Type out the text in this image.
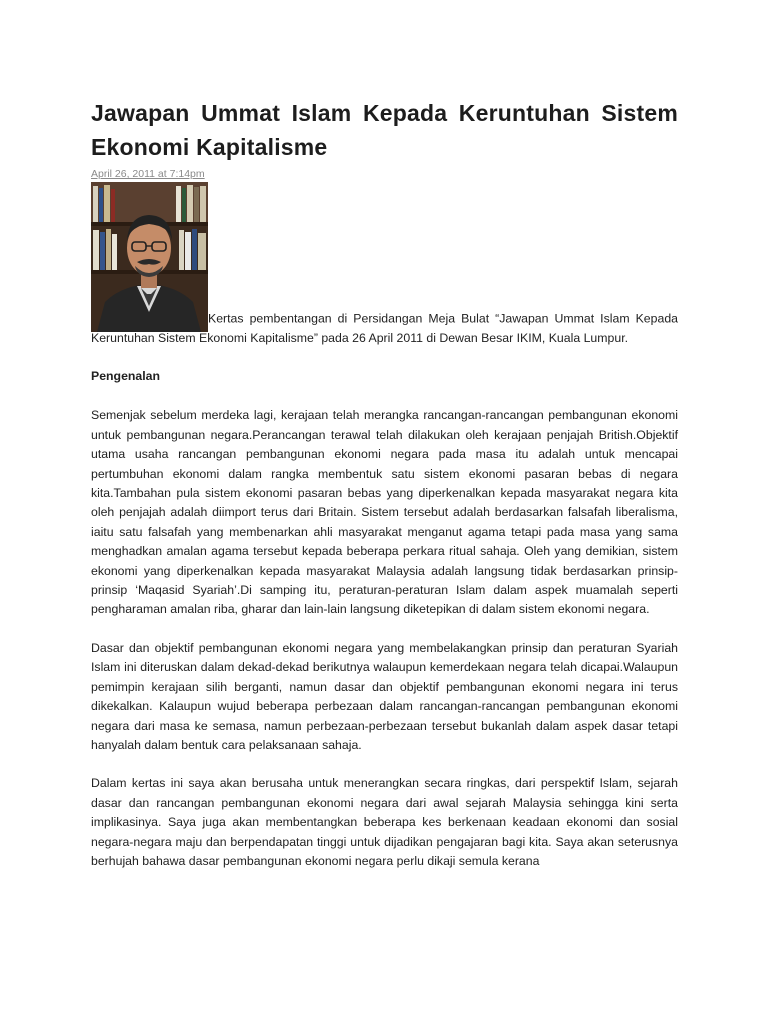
Jawapan Ummat Islam Kepada Keruntuhan Sistem Ekonomi Kapitalisme
April 26, 2011 at 7:14pm

Kertas pembentangan di Persidangan Meja Bulat “Jawapan Ummat Islam Kepada Keruntuhan Sistem Ekonomi Kapitalisme” pada 26 April 2011 di Dewan Besar IKIM, Kuala Lumpur.

Pengenalan

Semenjak sebelum merdeka lagi, kerajaan telah merangka rancangan-rancangan pembangunan ekonomi untuk pembangunan negara.Perancangan terawal telah dilakukan oleh kerajaan penjajah British.Objektif utama usaha rancangan pembangunan ekonomi negara pada masa itu adalah untuk mencapai pertumbuhan ekonomi dalam rangka membentuk satu sistem ekonomi pasaran bebas di negara kita.Tambahan pula sistem ekonomi pasaran bebas yang diperkenalkan kepada masyarakat negara kita oleh penjajah adalah diimport terus dari Britain. Sistem tersebut adalah berdasarkan falsafah liberalisma, iaitu satu falsafah yang membenarkan ahli masyarakat menganut agama tetapi pada masa yang sama menghadkan amalan agama tersebut kepada beberapa perkara ritual sahaja. Oleh yang demikian, sistem ekonomi yang diperkenalkan kepada masyarakat Malaysia adalah langsung tidak berdasarkan prinsip-prinsip ‘Maqasid Syariah’.Di samping itu, peraturan-peraturan Islam dalam aspek muamalah seperti pengharaman amalan riba, gharar dan lain-lain langsung diketepikan di dalam sistem ekonomi negara.

Dasar dan objektif pembangunan ekonomi negara yang membelakangkan prinsip dan peraturan Syariah Islam ini diteruskan dalam dekad-dekad berikutnya walaupun kemerdekaan negara telah dicapai.Walaupun pemimpin kerajaan silih berganti, namun dasar dan objektif pembangunan ekonomi negara ini terus dikekalkan. Kalaupun wujud beberapa perbezaan dalam rancangan-rancangan pembangunan ekonomi negara dari masa ke semasa, namun perbezaan-perbezaan tersebut bukanlah dalam aspek dasar tetapi hanyalah dalam bentuk cara pelaksanaan sahaja.

Dalam kertas ini saya akan berusaha untuk menerangkan secara ringkas, dari perspektif Islam, sejarah dasar dan rancangan pembangunan ekonomi negara dari awal sejarah Malaysia sehingga kini serta implikasinya. Saya juga akan membentangkan beberapa kes berkenaan keadaan ekonomi dan sosial negara-negara maju dan berpendapatan tinggi untuk dijadikan pengajaran bagi kita. Saya akan seterusnya berhujah bahawa dasar pembangunan ekonomi negara perlu dikaji semula kerana
